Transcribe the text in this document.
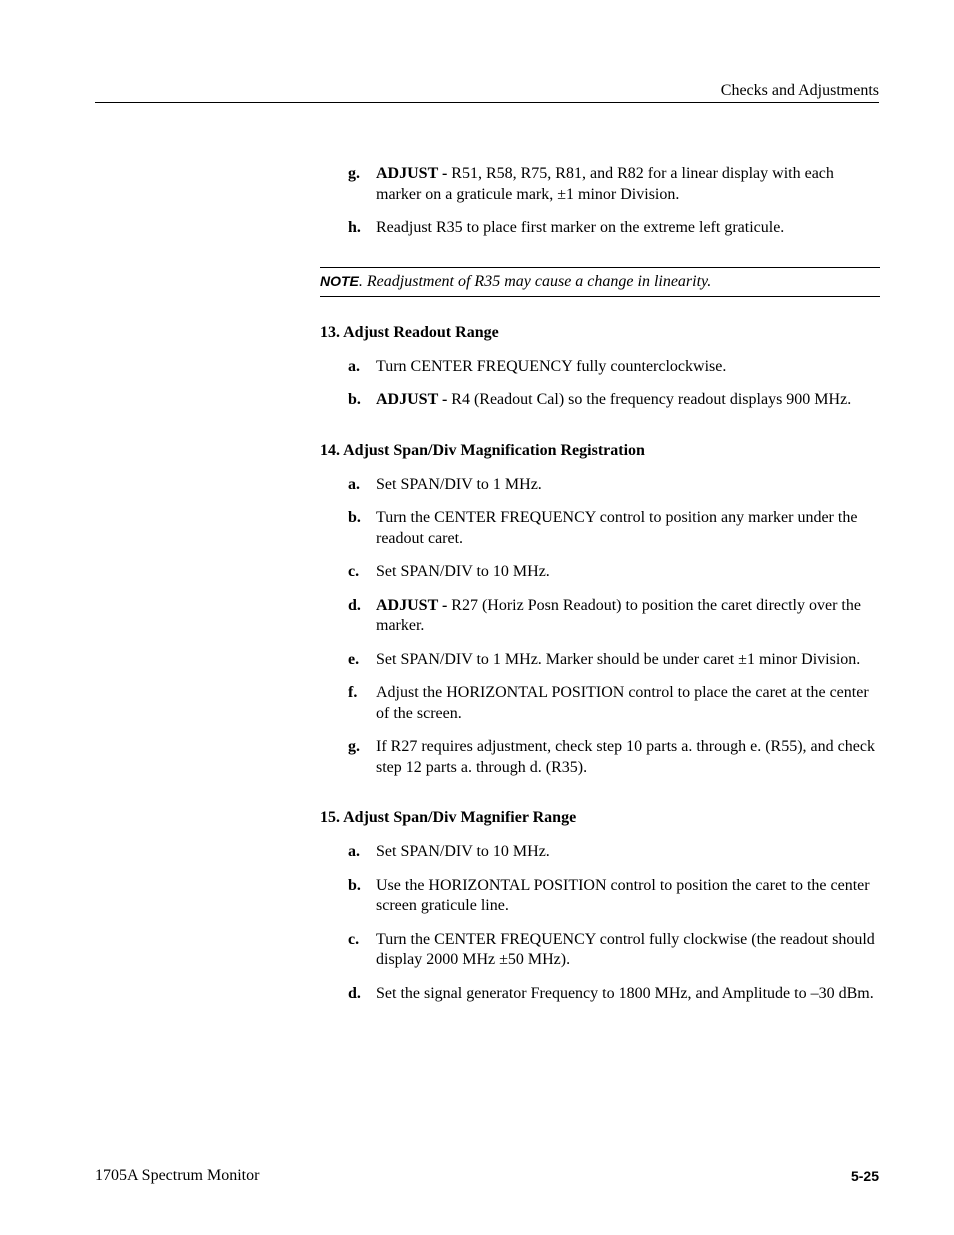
Checks and Adjustments
g. ADJUST - R51, R58, R75, R81, and R82 for a linear display with each marker on a graticule mark, ±1 minor Division.
h. Readjust R35 to place first marker on the extreme left graticule.
NOTE. Readjustment of R35 may cause a change in linearity.
13. Adjust Readout Range
a. Turn CENTER FREQUENCY fully counterclockwise.
b. ADJUST - R4 (Readout Cal) so the frequency readout displays 900 MHz.
14. Adjust Span/Div Magnification Registration
a. Set SPAN/DIV to 1 MHz.
b. Turn the CENTER FREQUENCY control to position any marker under the readout caret.
c. Set SPAN/DIV to 10 MHz.
d. ADJUST - R27 (Horiz Posn Readout) to position the caret directly over the marker.
e. Set SPAN/DIV to 1 MHz. Marker should be under caret ±1 minor Division.
f. Adjust the HORIZONTAL POSITION control to place the caret at the center of the screen.
g. If R27 requires adjustment, check step 10 parts a. through e. (R55), and check step 12 parts a. through d. (R35).
15. Adjust Span/Div Magnifier Range
a. Set SPAN/DIV to 10 MHz.
b. Use the HORIZONTAL POSITION control to position the caret to the center screen graticule line.
c. Turn the CENTER FREQUENCY control fully clockwise (the readout should display 2000 MHz ±50 MHz).
d. Set the signal generator Frequency to 1800 MHz, and Amplitude to –30 dBm.
1705A Spectrum Monitor	5-25
